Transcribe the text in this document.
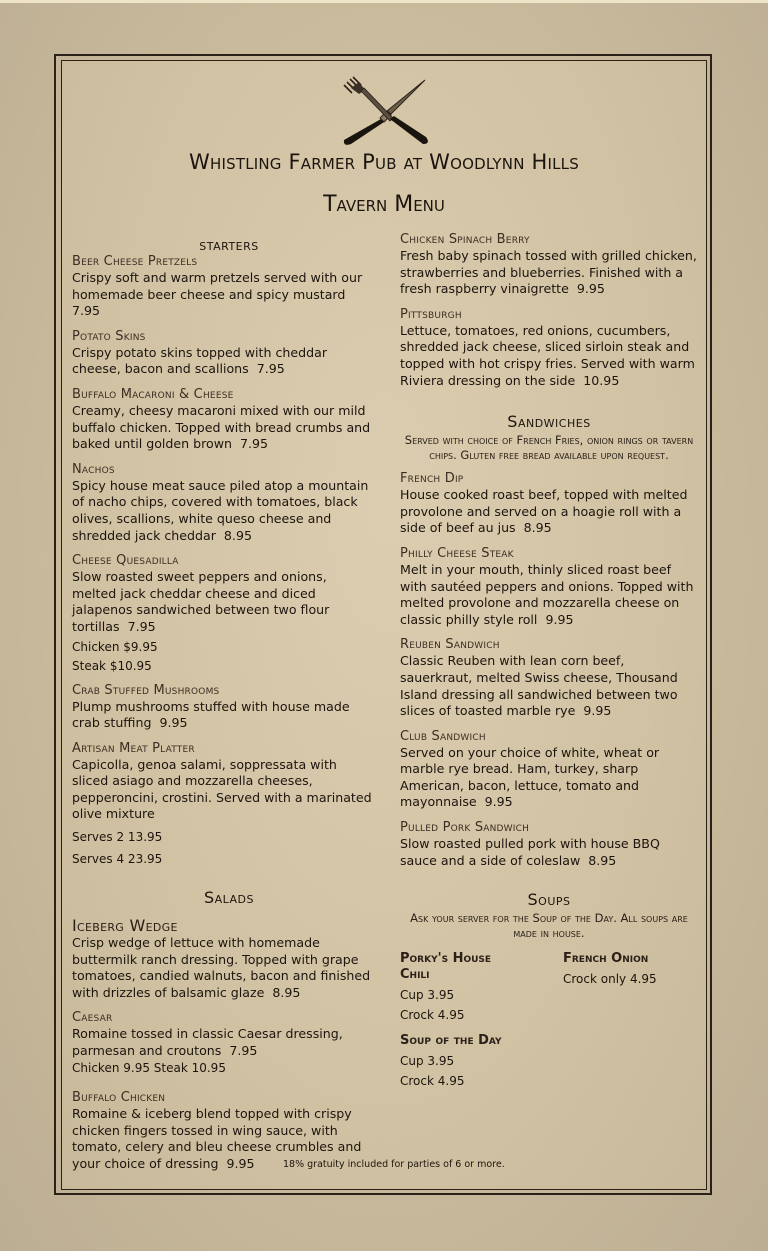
Whistling Farmer Pub at Woodlynn Hills
Tavern Menu
starters
Beer Cheese Pretzels
Crispy soft and warm pretzels served with our homemade beer cheese and spicy mustard  7.95
Potato Skins
Crispy potato skins topped with cheddar cheese, bacon and scallions 7.95
Buffalo Macaroni & Cheese
Creamy, cheesy macaroni mixed with our mild buffalo chicken. Topped with bread crumbs and baked until golden brown 7.95
Nachos
Spicy house meat sauce piled atop a mountain of nacho chips, covered with tomatoes, black olives, scallions, white queso cheese and shredded jack cheddar 8.95
Cheese Quesadilla
Slow roasted sweet peppers and onions, melted jack cheddar cheese and diced jalapenos sandwiched between two flour tortillas 7.95
Chicken $9.95
Steak $10.95
Crab Stuffed Mushrooms
Plump mushrooms stuffed with house made crab stuffing 9.95
Artisan Meat Platter
Capicolla, genoa salami, soppressata with sliced asiago and mozzarella cheeses, pepperoncini, crostini. Served with a marinated olive mixture
Serves 2 13.95
Serves 4 23.95
Salads
Iceberg Wedge
Crisp wedge of lettuce with homemade buttermilk ranch dressing. Topped with grape tomatoes, candied walnuts, bacon and finished with drizzles of balsamic glaze 8.95
Caesar
Romaine tossed in classic Caesar dressing, parmesan and croutons 7.95
Chicken 9.95 Steak 10.95
Buffalo Chicken
Romaine & iceberg blend topped with crispy chicken fingers tossed in wing sauce, with tomato, celery and bleu cheese crumbles and your choice of dressing 9.95
Chicken Spinach Berry
Fresh baby spinach tossed with grilled chicken, strawberries and blueberries. Finished with a fresh raspberry vinaigrette 9.95
Pittsburgh
Lettuce, tomatoes, red onions, cucumbers, shredded jack cheese, sliced sirloin steak and topped with hot crispy fries. Served with warm Riviera dressing on the side 10.95
Sandwiches
Served with choice of French Fries, onion rings or tavern chips. Gluten free bread available upon request.
French Dip
House cooked roast beef, topped with melted provolone and served on a hoagie roll with a side of beef au jus 8.95
Philly Cheese Steak
Melt in your mouth, thinly sliced roast beef with sautéed peppers and onions. Topped with melted provolone and mozzarella cheese on classic philly style roll 9.95
Reuben Sandwich
Classic Reuben with lean corn beef, sauerkraut, melted Swiss cheese, Thousand Island dressing all sandwiched between two slices of toasted marble rye 9.95
Club Sandwich
Served on your choice of white, wheat or marble rye bread. Ham, turkey, sharp American, bacon, lettuce, tomato and mayonnaise 9.95
Pulled Pork Sandwich
Slow roasted pulled pork with house BBQ sauce and a side of coleslaw 8.95
Soups
Ask your server for the Soup of the Day. All soups are made in house.
Porky's House Chili
Cup 3.95
Crock 4.95
Soup of the Day
Cup 3.95
Crock 4.95
French Onion
Crock only 4.95
18% gratuity included for parties of 6 or more.
